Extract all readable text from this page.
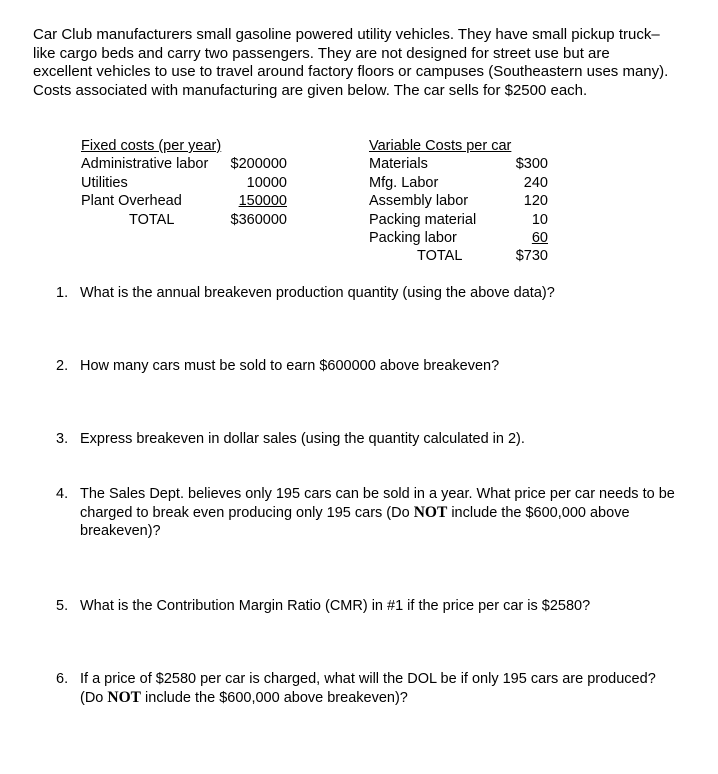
Car Club manufacturers small gasoline powered utility vehicles. They have small pickup truck–like cargo beds and carry two passengers. They are not designed for street use but are excellent vehicles to use to travel around factory floors or campuses (Southeastern uses many). Costs associated with manufacturing are given below. The car sells for $2500 each.

Fixed costs (per year)
Administrative labor $200000
Utilities	10000
Plant Overhead	150000
TOTAL	$360000
Variable Costs per car
Materials	$300
Mfg. Labor	240
Assembly labor	120
Packing material	10
Packing labor	60
TOTAL	$730
1. What is the annual breakeven production quantity (using the above data)?
2. How many cars must be sold to earn $600000 above breakeven?
3. Express breakeven in dollar sales (using the quantity calculated in 2).
4. The Sales Dept. believes only 195 cars can be sold in a year. What price per car needs to be charged to break even producing only 195 cars (Do NOT include the $600,000 above breakeven)?
5. What is the Contribution Margin Ratio (CMR) in #1 if the price per car is $2580?
6. If a price of $2580 per car is charged, what will the DOL be if only 195 cars are produced? (Do NOT include the $600,000 above breakeven)?
